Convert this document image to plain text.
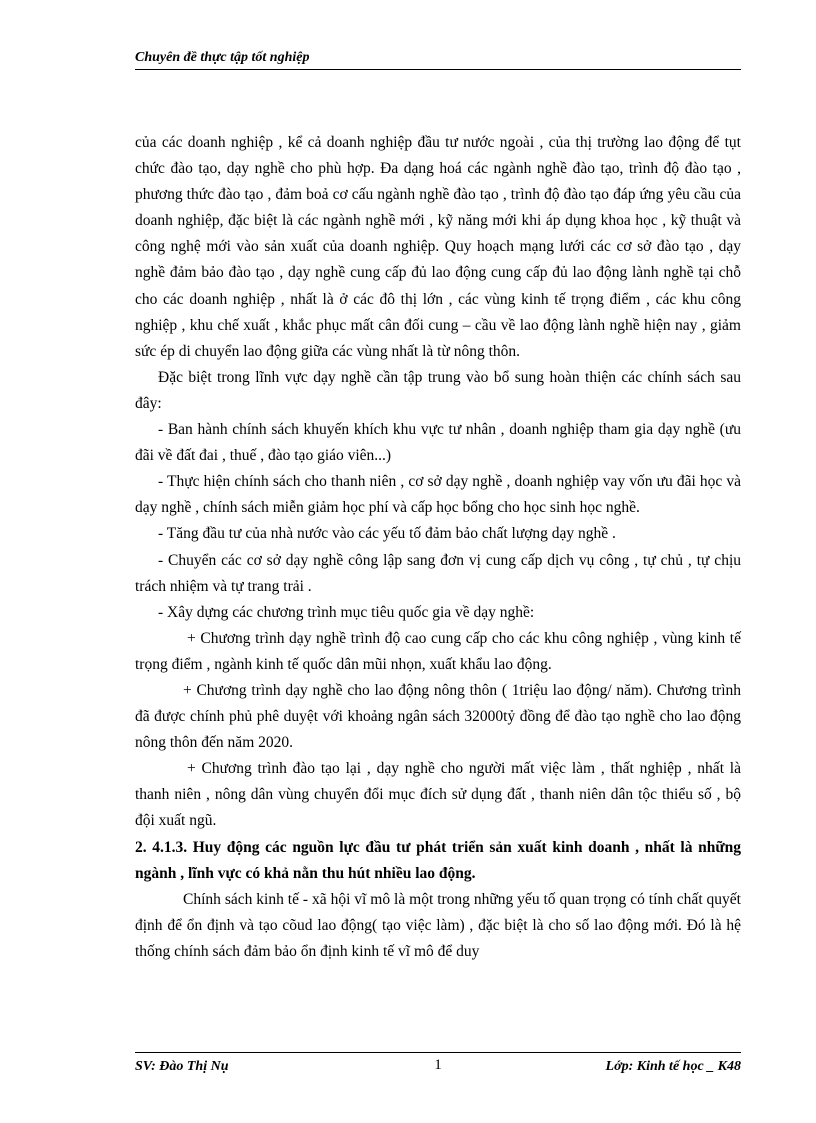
Chuyên đề thực tập tốt nghiệp

của các doanh nghiệp , kể cả doanh nghiệp đầu tư nước ngoài , của thị trường lao động để tụt chức đào tạo, dạy nghề cho phù hợp. Đa dạng hoá các ngành nghề đào tạo, trình độ đào tạo , phương thức đào tạo , đảm boả cơ cấu ngành nghề đào tạo , trình độ đào tạo đáp ứng yêu cầu của doanh nghiệp, đặc biệt là các ngành nghề mới , kỹ năng mới khi áp dụng khoa học , kỹ thuật và công nghệ mới vào sản xuất của doanh nghiệp. Quy hoạch mạng lưới các cơ sở đào tạo , dạy nghề đảm bảo đào tạo , dạy nghề cung cấp đủ lao động cung cấp đủ lao động lành nghề tại chỗ cho các doanh nghiệp , nhất là ở các đô thị lớn , các vùng kinh tế trọng điểm , các khu công nghiệp , khu chế xuất , khắc phục mất cân đối cung – cầu về lao động lành nghề hiện nay , giảm sức ép di chuyển lao động giữa các vùng nhất là từ nông thôn.

Đặc biệt trong lĩnh vực dạy nghề cần tập trung vào bổ sung hoàn thiện các chính sách sau đây:

- Ban hành chính sách khuyến khích khu vực tư nhân , doanh nghiệp tham gia dạy nghề (ưu đãi về đất đai , thuế , đào tạo giáo viên...)

- Thực hiện chính sách cho thanh niên , cơ sở dạy nghề , doanh nghiệp vay vốn ưu đãi học và dạy nghề , chính sách miễn giảm học phí và cấp học bổng cho học sinh học nghề.

- Tăng đầu tư của nhà nước vào các yếu tố đảm bảo chất lượng dạy nghề .

- Chuyển các cơ sở dạy nghề công lập sang đơn vị cung cấp dịch vụ công , tự chủ , tự chịu trách nhiệm và tự trang trải .

- Xây dựng các chương trình mục tiêu quốc gia về dạy nghề:

+ Chương trình dạy nghề trình độ cao cung cấp cho các khu công nghiệp , vùng kinh tế trọng điểm , ngành kinh tế quốc dân mũi nhọn, xuất khẩu lao động.

+ Chương trình dạy nghề cho lao động nông thôn ( 1triệu lao động/ năm). Chương trình đã được chính phủ phê duyệt với khoảng ngân sách 32000tỷ đồng để đào tạo nghề cho lao động nông thôn đến năm 2020.

+ Chương trình đào tạo lại , dạy nghề cho người mất việc làm , thất nghiệp , nhất là thanh niên , nông dân vùng chuyển đổi mục đích sử dụng đất , thanh niên dân tộc thiểu số , bộ đội xuất ngũ.

2. 4.1.3. Huy động các nguồn lực đầu tư phát triển sản xuất kinh doanh , nhất là những ngành , lĩnh vực có khả nằn thu hút nhiều lao động.

Chính sách kinh tế - xã hội vĩ mô là một trong những yếu tố quan trọng có tính chất quyết định để ổn định và tạo cõud lao động( tạo việc làm) , đặc biệt là cho số lao động mới. Đó là hệ thống chính sách đảm bảo ổn định kinh tế vĩ mô để duy

SV: Đào Thị Nụ	1	Lớp: Kinh tế học _ K48
